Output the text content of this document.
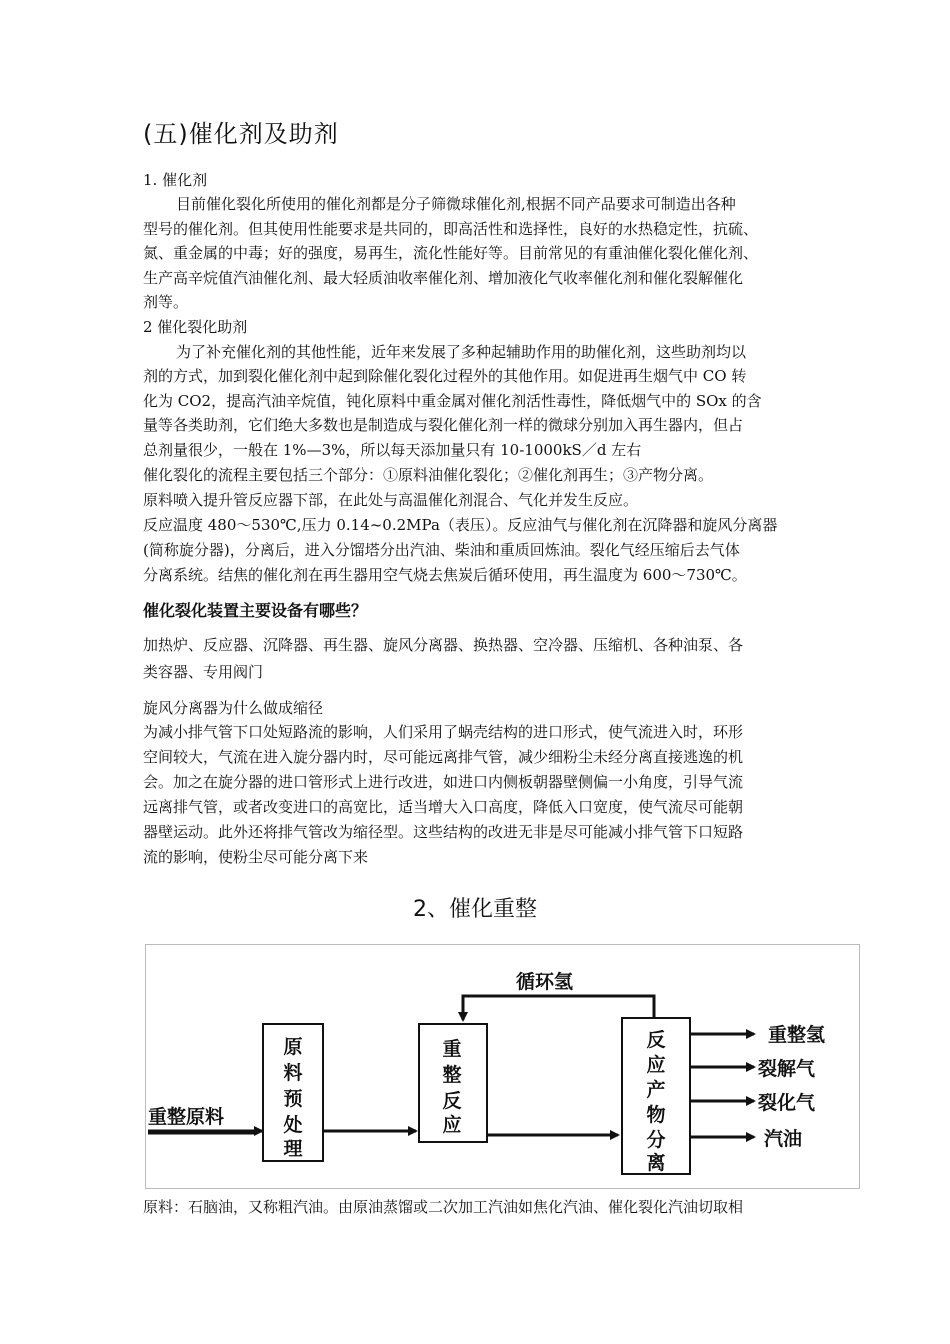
(五)催化剂及助剂
1. 催化剂
目前催化裂化所使用的催化剂都是分子筛微球催化剂,根据不同产品要求可制造出各种
型号的催化剂。但其使用性能要求是共同的，即高活性和选择性，良好的水热稳定性，抗硫、
氮、重金属的中毒；好的强度，易再生，流化性能好等。目前常见的有重油催化裂化催化剂、
生产高辛烷值汽油催化剂、最大轻质油收率催化剂、增加液化气收率催化剂和催化裂解催化
剂等。
2 催化裂化助剂
为了补充催化剂的其他性能，近年来发展了多种起辅助作用的助催化剂，这些助剂均以
剂的方式，加到裂化催化剂中起到除催化裂化过程外的其他作用。如促进再生烟气中 CO 转
化为 CO2，提高汽油辛烷值，钝化原料中重金属对催化剂活性毒性，降低烟气中的 SOx 的含
量等各类助剂，它们绝大多数也是制造成与裂化催化剂一样的微球分别加入再生器内，但占
总剂量很少，一般在 1%—3%，所以每天添加量只有 10-1000kS／d 左右
催化裂化的流程主要包括三个部分：①原料油催化裂化；②催化剂再生；③产物分离。
原料喷入提升管反应器下部，在此处与高温催化剂混合、气化并发生反应。
反应温度 480～530℃,压力 0.14~0.2MPa（表压）。反应油气与催化剂在沉降器和旋风分离器
(简称旋分器)，分离后，进入分馏塔分出汽油、柴油和重质回炼油。裂化气经压缩后去气体
分离系统。结焦的催化剂在再生器用空气烧去焦炭后循环使用，再生温度为 600～730℃。
催化裂化装置主要设备有哪些？
加热炉、反应器、沉降器、再生器、旋风分离器、换热器、空冷器、压缩机、各种油泵、各
类容器、专用阀门
旋风分离器为什么做成缩径
为减小排气管下口处短路流的影响，人们采用了蜗壳结构的进口形式，使气流进入时，环形
空间较大，气流在进入旋分器内时，尽可能远离排气管，减少细粉尘未经分离直接逃逸的机
会。加之在旋分器的进口管形式上进行改进，如进口内侧板朝器壁侧偏一小角度，引导气流
远离排气管，或者改变进口的高宽比，适当增大入口高度，降低入口宽度，使气流尽可能朝
器壁运动。此外还将排气管改为缩径型。这些结构的改进无非是尽可能减小排气管下口短路
流的影响，使粉尘尽可能分离下来
2、催化重整
重整原料
原
料
预
处
理
重
整
反
应
循环氢
反
应
产
物
分
离
重整氢
裂解气
裂化气
汽油
原料：石脑油，又称粗汽油。由原油蒸馏或二次加工汽油如焦化汽油、催化裂化汽油切取相
